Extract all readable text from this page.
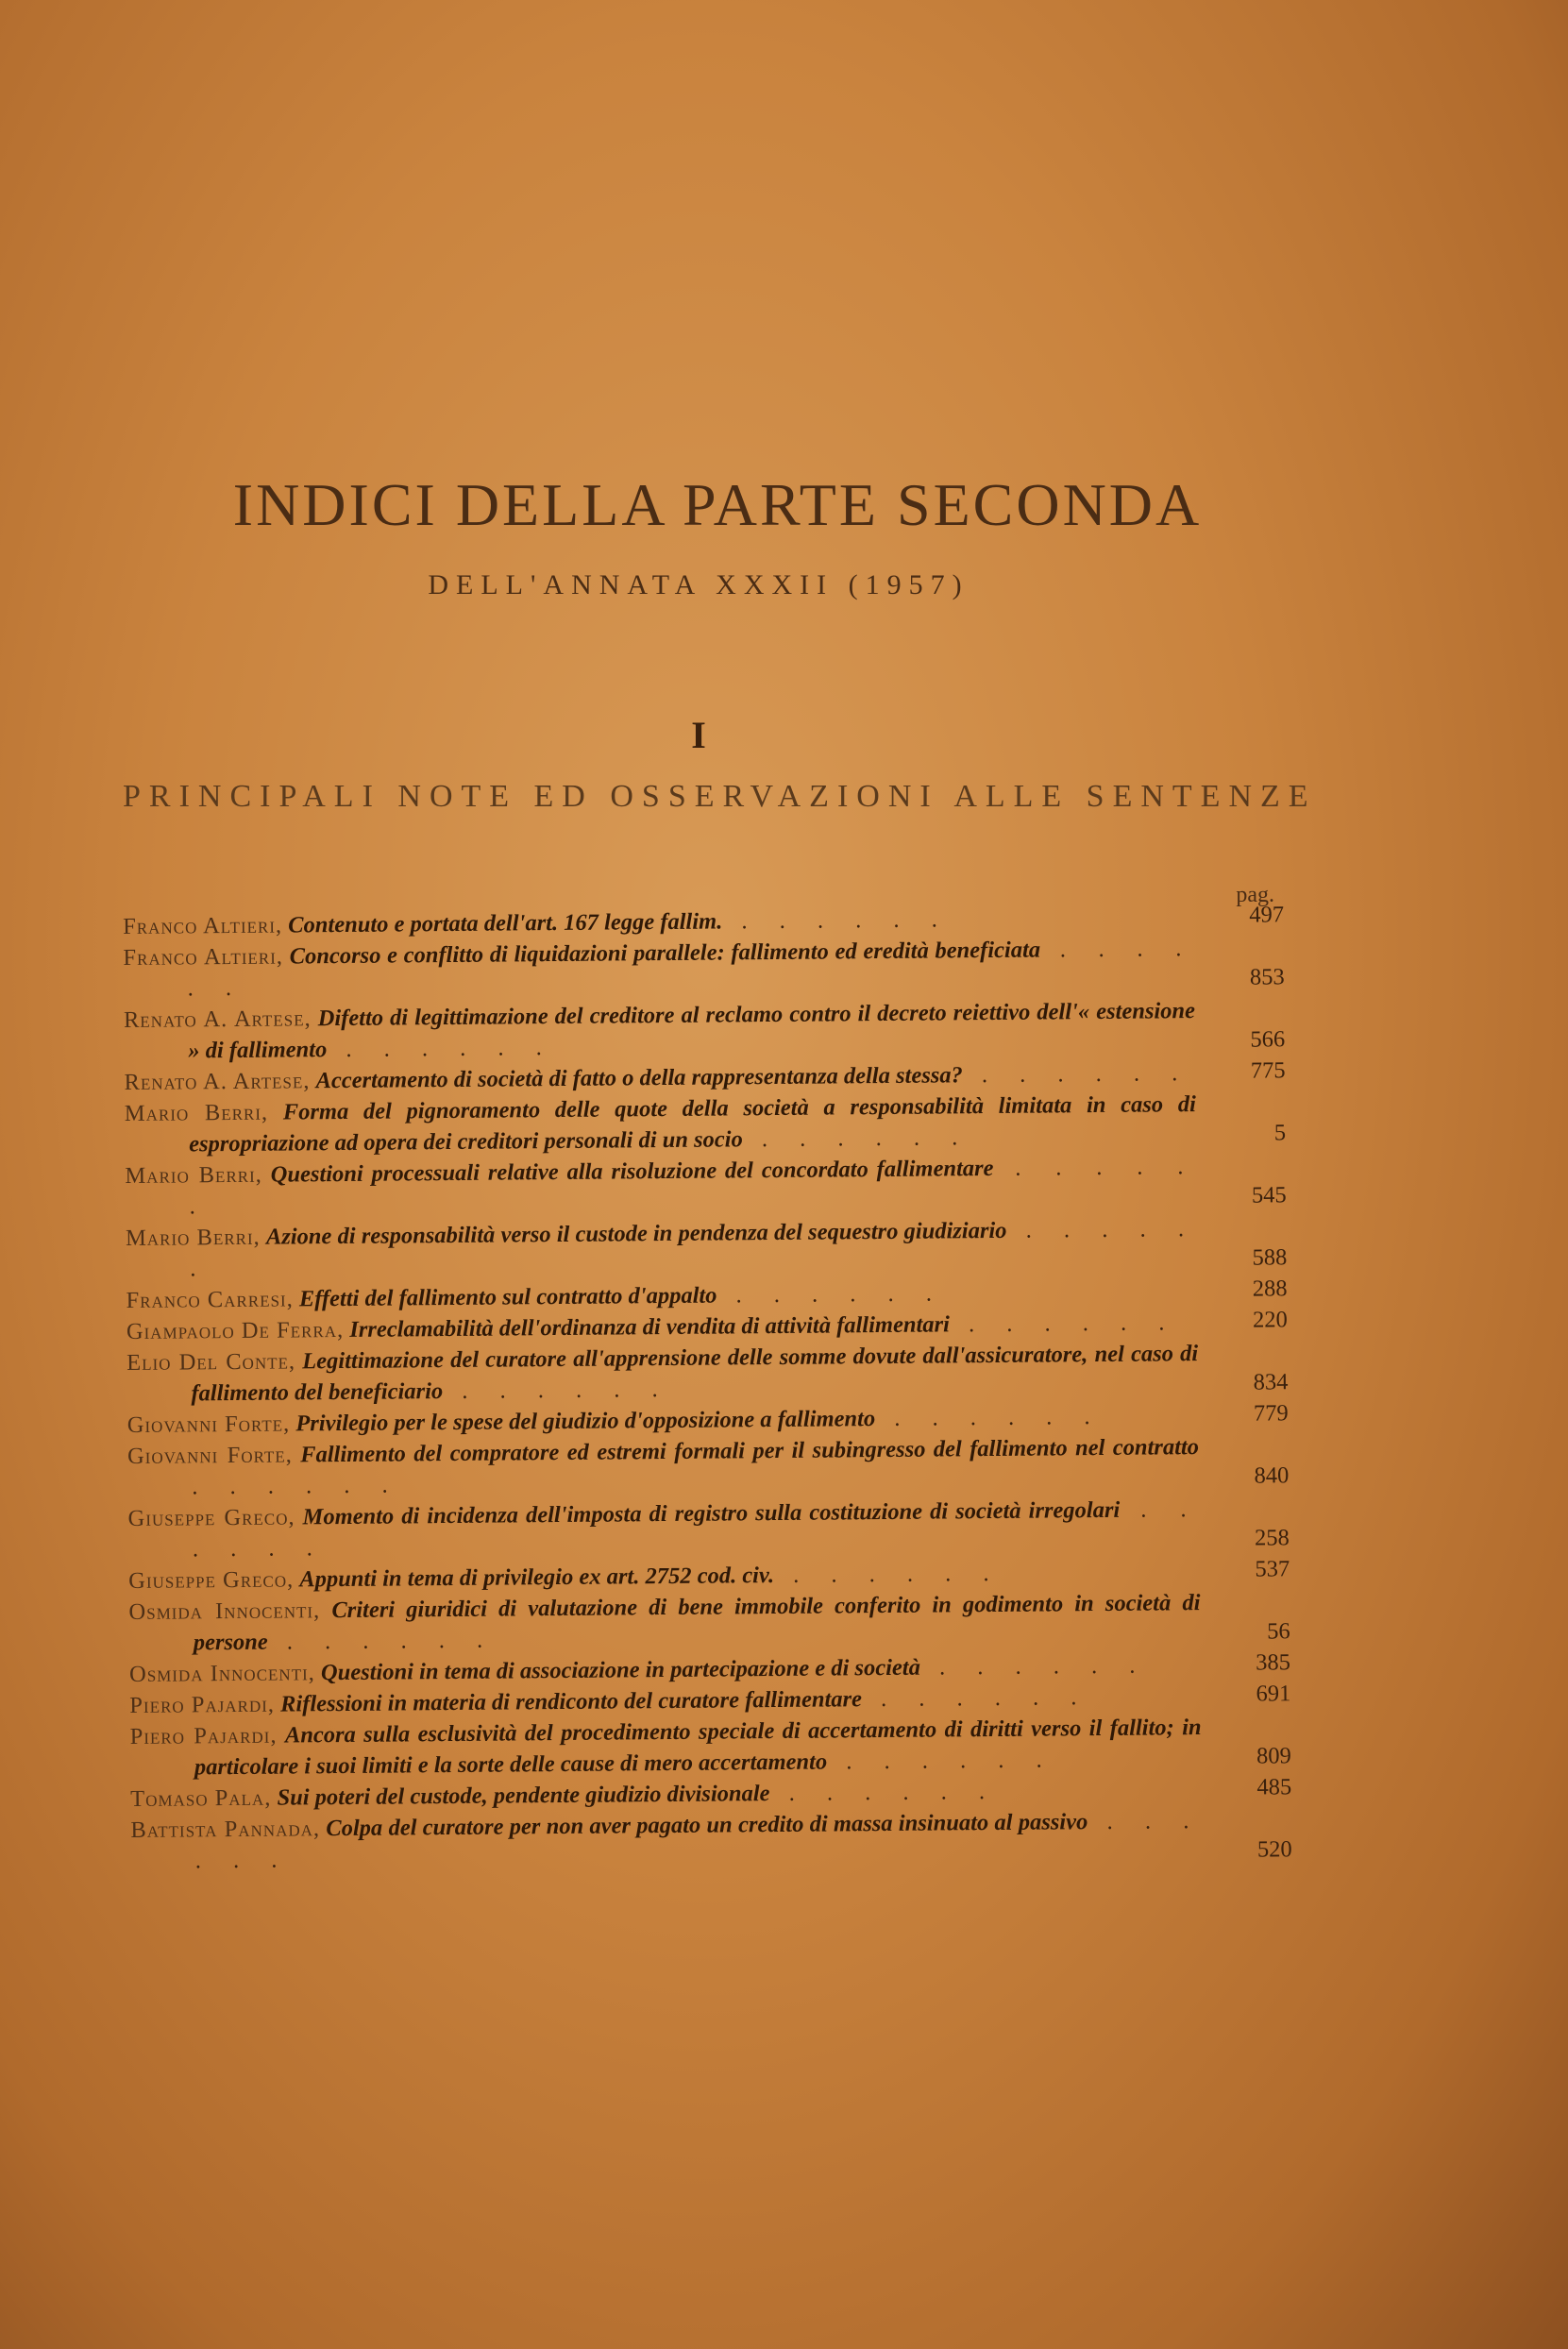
INDICI DELLA PARTE SECONDA
DELL'ANNATA XXXII (1957)
I
PRINCIPALI NOTE ED OSSERVAZIONI ALLE SENTENZE
pag.
Franco Altieri, Contenuto e portata dell'art. 167 legge fallim. . . . . . .	497
Franco Altieri, Concorso e conflitto di liquidazioni parallele: fallimento ed eredità beneficiata . . . . . .	853
Renato A. Artese, Difetto di legittimazione del creditore al reclamo contro il decreto reiettivo dell'« estensione » di fallimento . . . . . .	566
Renato A. Artese, Accertamento di società di fatto o della rappresentanza della stessa? . . . . . .	775
Mario Berri, Forma del pignoramento delle quote della società a responsabilità limitata in caso di espropriazione ad opera dei creditori personali di un socio . . . . . .	5
Mario Berri, Questioni processuali relative alla risoluzione del concordato fallimentare . . . . . .	545
Mario Berri, Azione di responsabilità verso il custode in pendenza del sequestro giudiziario . . . . . .	588
Franco Carresi, Effetti del fallimento sul contratto d'appalto . . . . . .	288
Giampaolo De Ferra, Irreclamabilità dell'ordinanza di vendita di attività fallimentari . . . . . .	220
Elio Del Conte, Legittimazione del curatore all'apprensione delle somme dovute dall'assicuratore, nel caso di fallimento del beneficiario . . . . . .	834
Giovanni Forte, Privilegio per le spese del giudizio d'opposizione a fallimento . . . . . .	779
Giovanni Forte, Fallimento del compratore ed estremi formali per il subingresso del fallimento nel contratto . . . . . .	840
Giuseppe Greco, Momento di incidenza dell'imposta di registro sulla costituzione di società irregolari . . . . . .	258
Giuseppe Greco, Appunti in tema di privilegio ex art. 2752 cod. civ. . . . . . .	537
Osmida Innocenti, Criteri giuridici di valutazione di bene immobile conferito in godimento in società di persone . . . . . .	56
Osmida Innocenti, Questioni in tema di associazione in partecipazione e di società . . . . . .	385
Piero Pajardi, Riflessioni in materia di rendiconto del curatore fallimentare . . . . . .	691
Piero Pajardi, Ancora sulla esclusività del procedimento speciale di accertamento di diritti verso il fallito; in particolare i suoi limiti e la sorte delle cause di mero accertamento . . . . . .	809
Tomaso Pala, Sui poteri del custode, pendente giudizio divisionale . . . . . .	485
Battista Pannada, Colpa del curatore per non aver pagato un credito di massa insinuato al passivo . . . . . .	520
